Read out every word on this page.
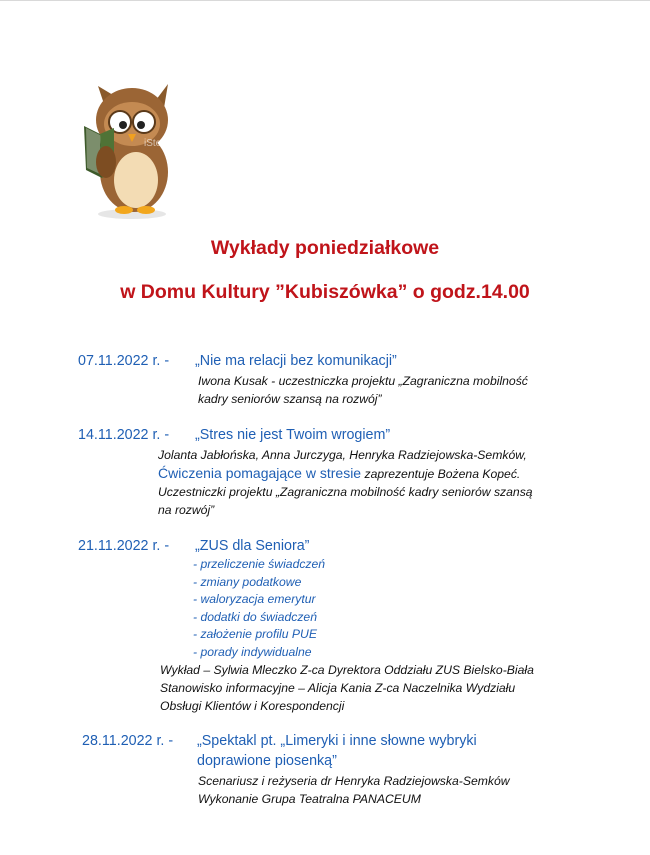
iStock
Wykłady poniedziałkowe
w Domu Kultury ”Kubiszówka” o godz.14.00
07.11.2022 r. - „Nie ma relacji bez komunikacji”
Iwona Kusak - uczestniczka projektu „Zagraniczna mobilność
kadry seniorów szansą na rozwój”
14.11.2022 r. - „Stres nie jest Twoim wrogiem”
Jolanta Jabłońska, Anna Jurczyga, Henryka Radziejowska-Semków,
Ćwiczenia pomagające w stresie zaprezentuje Bożena Kopeć.
Uczestniczki projektu „Zagraniczna mobilność kadry seniorów szansą
na rozwój”
21.11.2022 r. - „ZUS dla Seniora”
- przeliczenie świadczeń
- zmiany podatkowe
- waloryzacja emerytur
- dodatki do świadczeń
- założenie profilu PUE
- porady indywidualne
Wykład – Sylwia Mleczko Z-ca Dyrektora Oddziału ZUS Bielsko-Biała
Stanowisko informacyjne – Alicja Kania Z-ca Naczelnika Wydziału
Obsługi Klientów i Korespondencji
28.11.2022 r. - „Spektakl pt. „Limeryki i inne słowne wybryki
doprawione piosenką”
Scenariusz i reżyseria dr Henryka Radziejowska-Semków
Wykonanie Grupa Teatralna PANACEUM
